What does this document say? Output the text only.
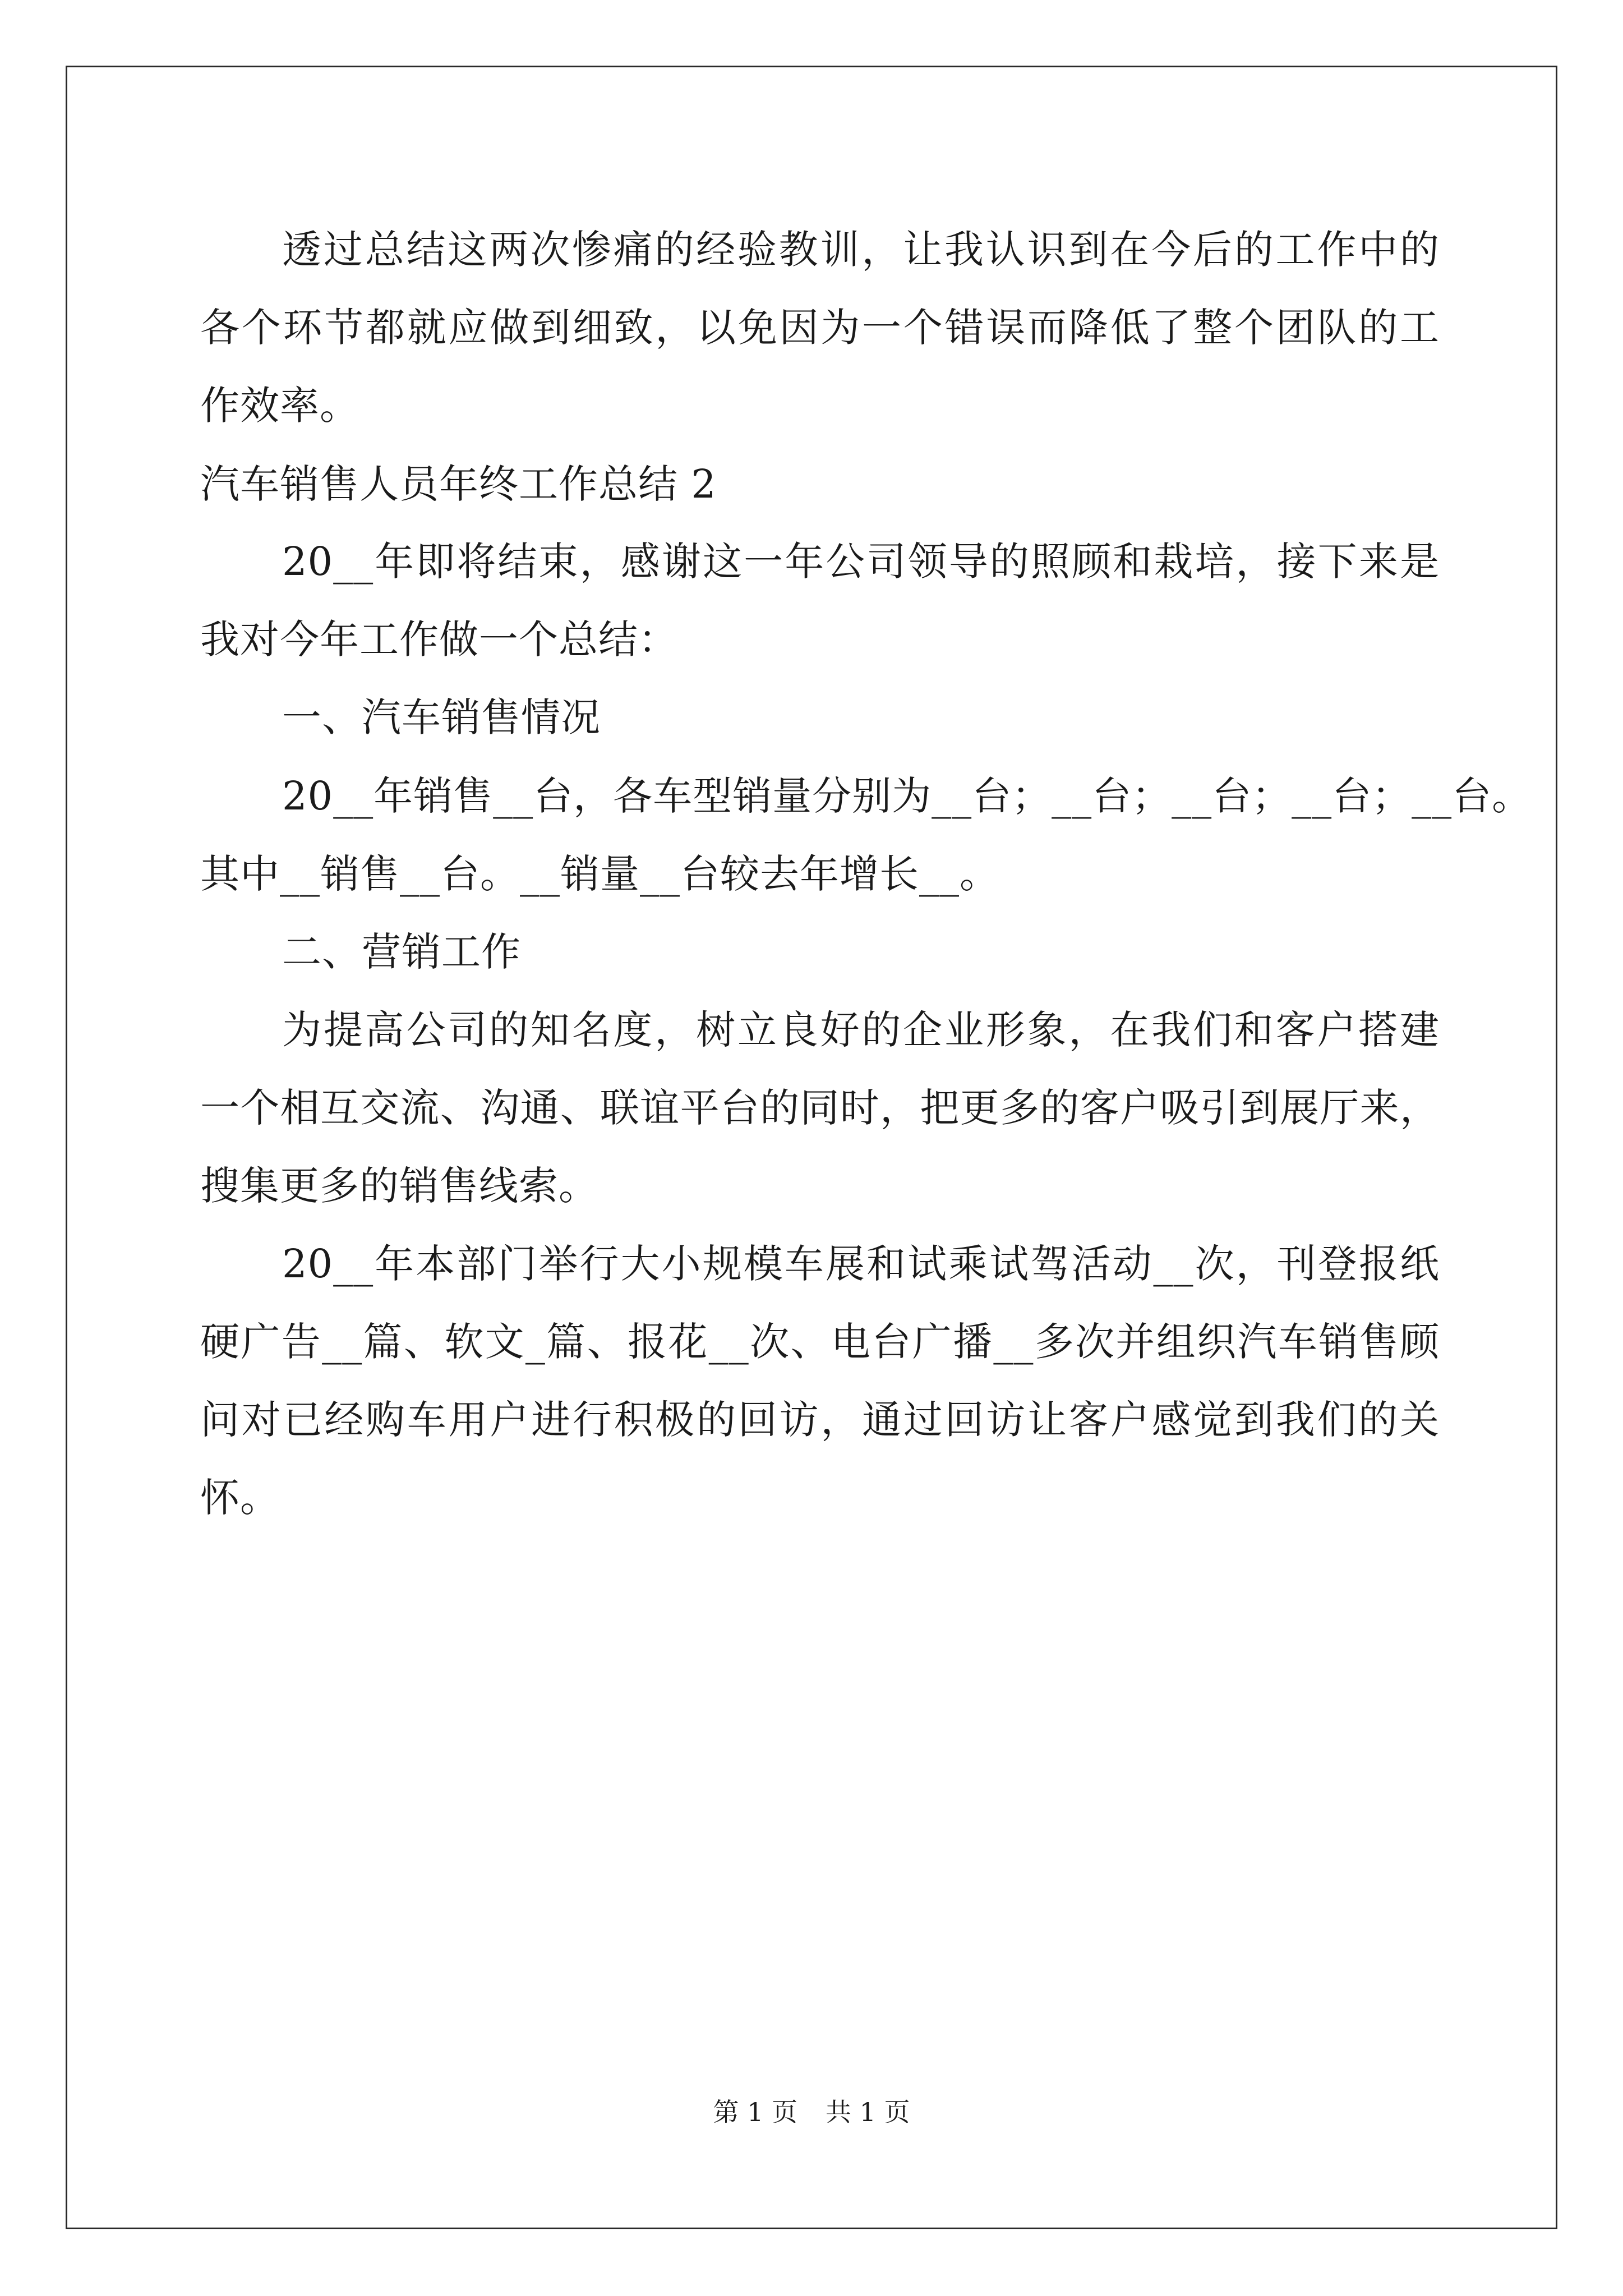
透过总结这两次惨痛的经验教训，让我认识到在今后的工作中的
各个环节都就应做到细致，以免因为一个错误而降低了整个团队的工
作效率。
汽车销售人员年终工作总结 2
20__年即将结束，感谢这一年公司领导的照顾和栽培，接下来是
我对今年工作做一个总结：
一、汽车销售情况
20__年销售__台，各车型销量分别为__台；__台；__台；__台；__台。
其中__销售__台。__销量__台较去年增长__。
二、营销工作
为提高公司的知名度，树立良好的企业形象，在我们和客户搭建
一个相互交流、沟通、联谊平台的同时，把更多的客户吸引到展厅来，
搜集更多的销售线索。
20__年本部门举行大小规模车展和试乘试驾活动__次，刊登报纸
硬广告__篇、软文_篇、报花__次、电台广播__多次并组织汽车销售顾
问对已经购车用户进行积极的回访，通过回访让客户感觉到我们的关
怀。
第 1 页 共 1 页
